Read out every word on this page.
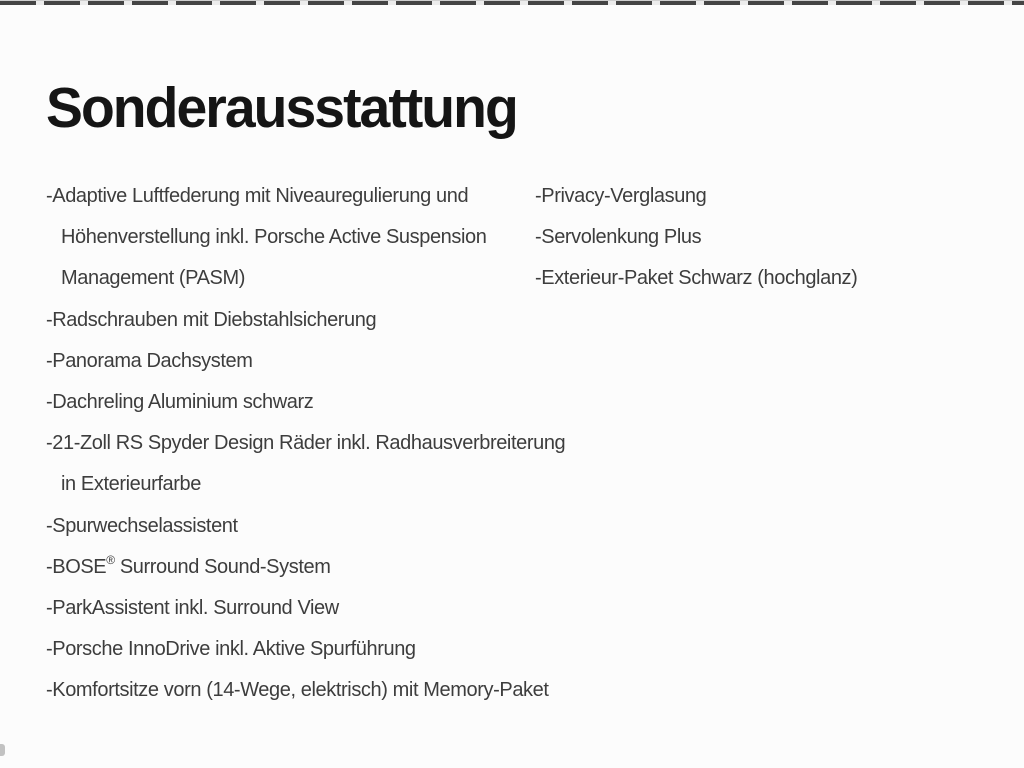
Sonderausstattung
-Adaptive Luftfederung mit Niveauregulierung und
Höhenverstellung inkl. Porsche Active Suspension
Management (PASM)
-Radschrauben mit Diebstahlsicherung
-Panorama Dachsystem
-Dachreling Aluminium schwarz
-21-Zoll RS Spyder Design Räder inkl. Radhausverbreiterung
in Exterieurfarbe
-Spurwechselassistent
-BOSE® Surround Sound-System
-ParkAssistent inkl. Surround View
-Porsche InnoDrive inkl. Aktive Spurführung
-Komfortsitze vorn (14-Wege, elektrisch) mit Memory-Paket
-Privacy-Verglasung
-Servolenkung Plus
-Exterieur-Paket Schwarz (hochglanz)
